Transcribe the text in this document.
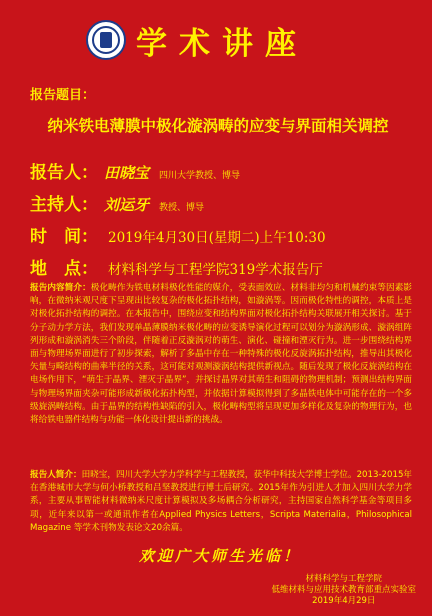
学术讲座
报告题目：
纳米铁电薄膜中极化漩涡畴的应变与界面相关调控
报告人： 田晓宝 四川大学教授、博导
主持人： 刘运牙 教授、博导
时　间： 2019年4月30日(星期二)上午10:30
地　点： 材料科学与工程学院319学术报告厅
报告内容简介：极化畴作为铁电材料极化性能的媒介，受表面效应、材料非均匀和机械约束等因素影响，在微纳米观尺度下呈现出比较复杂的极化拓扑结构，如漩涡等。因而极化特性的调控，本质上是对极化拓扑结构的调控。在本报告中，围绕应变和结构界面对极化拓扑结构关联展开相关探讨。基于分子动力学方法，我们发现单晶薄膜纳米极化畴的应变诱导演化过程可以划分为漩涡形成、漩涡组阵列形成和漩涡消失三个阶段，伴随着正反漩涡对的萌生、演化、碰撞和湮灭行为。进一步围绕结构界面与物理场界面进行了初步探索，解析了多晶中存在一种特殊的极化反旋涡拓扑结构，推导出其极化矢量与畸结构的曲率半径的关系，这可能对观测漩涡结构提供新视点。随后发现了极化反旋涡结构在电场作用下，“萌生于晶界、湮灭于晶界”，并探讨晶界对其萌生和阻碍的物理机制；预测出结构界面与物理场界面夹杂可能形成新极化拓扑构型，并依据计算模拟得到了多晶铁电体中可能存在的一个多级旋涡畴结构。由于晶界的结构性缺陷的引入，极化畴构型将呈现更加多样化及复杂的物理行为，也将给铁电器件结构与功能一体化设计提出新的挑战。
报告人简介：田晓宝，四川大学大学力学科学与工程教授，获华中科技大学博士学位。2013-2015年在香港城市大学与何小桥教授和吕坚教授进行博士后研究。2015年作为引进人才加入四川大学力学系，主要从事智能材料微纳米尺度计算模拟及多场耦合分析研究，主持国家自然科学基金等项目多项，近年来以第一或通讯作者在Applied Physics Letters，Scripta Materialia，Philosophical Magazine 等学术刊物发表论文20余篇。
欢迎广大师生光临！
材料科学与工程学院
低维材料与应用技术教育部重点实验室
2019年4月29日
